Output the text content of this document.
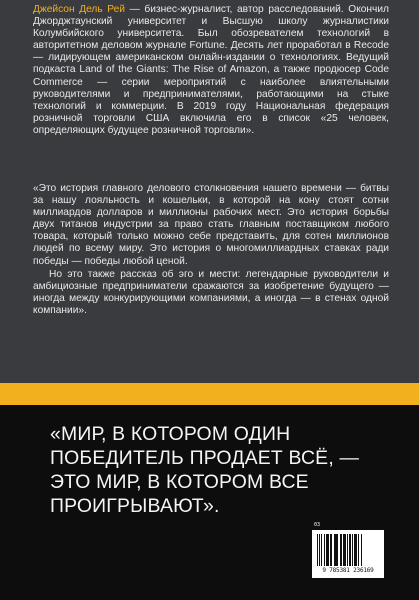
Джейсон Дель Рей — бизнес-журналист, автор расследований. Окончил Джорджтаунский университет и Высшую школу журналистики Колумбийского университета. Был обозревателем технологий в авторитетном деловом журнале Fortune. Десять лет проработал в Recode — лидирующем американском онлайн-издании о технологиях. Ведущий подкаста Land of the Giants: The Rise of Amazon, а также продюсер Code Commerce — серии мероприятий с наиболее влиятельными руководителями и предпринимателями, работающими на стыке технологий и коммерции. В 2019 году Национальная федерация розничной торговли США включила его в список «25 человек, определяющих будущее розничной торговли».

«Это история главного делового столкновения нашего времени — битвы за нашу лояльность и кошельки, в которой на кону стоят сотни миллиардов долларов и миллионы рабочих мест. Это история борьбы двух титанов индустрии за право стать главным поставщиком любого товара, который только можно себе представить, для сотен миллионов людей по всему миру. Это история о многомиллиардных ставках ради победы — победы любой ценой.

Но это также рассказ об эго и мести: легендарные руководители и амбициозные предприниматели сражаются за изобретение будущего — иногда между конкурирующими компаниями, а иногда — в стенах одной компании».

«МИР, В КОТОРОМ ОДИН ПОБЕДИТЕЛЬ ПРОДАЕТ ВСЁ, — ЭТО МИР, В КОТОРОМ ВСЕ ПРОИГРЫВАЮТ».
03
9 785381 236169
